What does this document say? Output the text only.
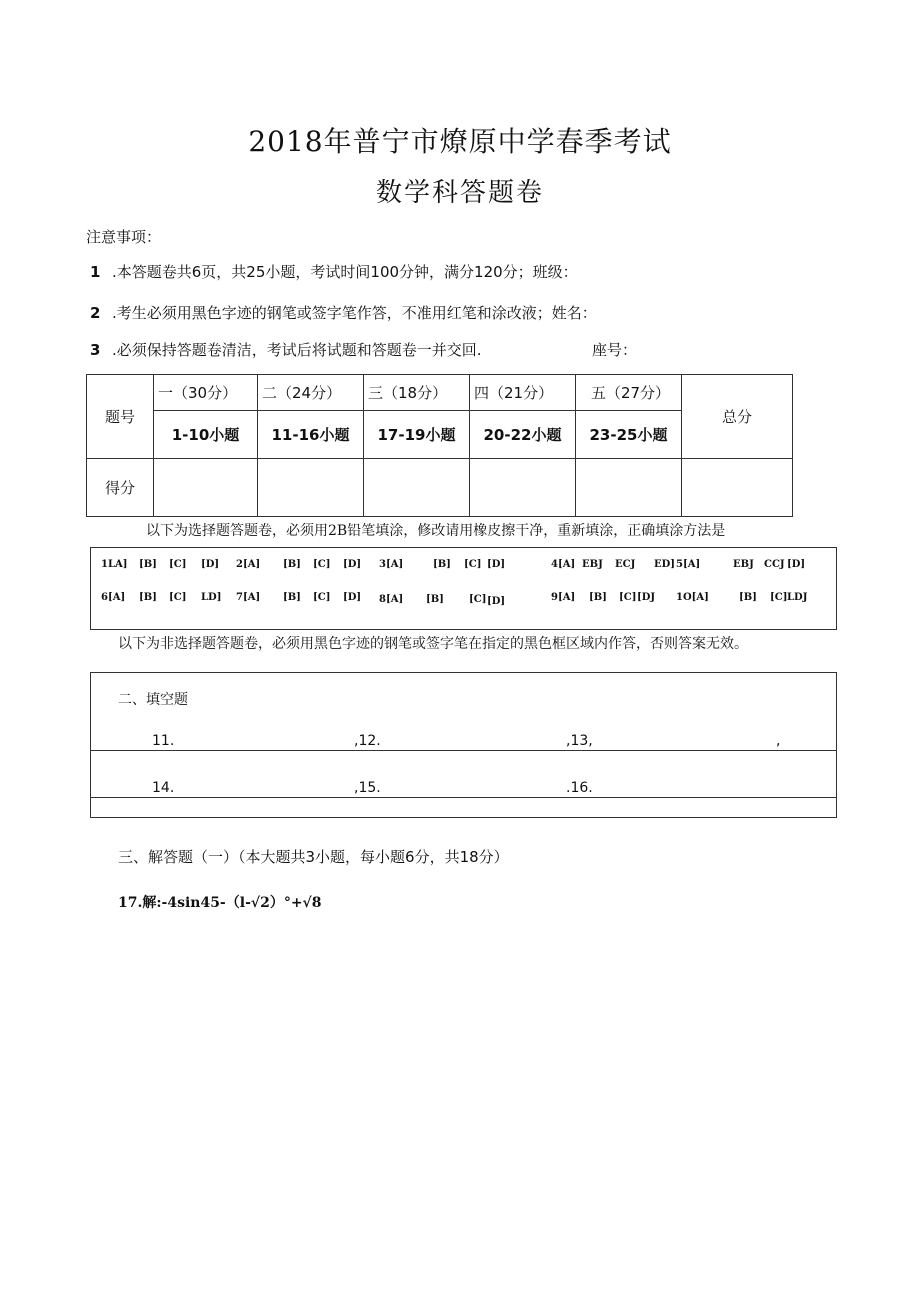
2018年普宁市燎原中学春季考试
数学科答题卷
注意事项：
1 .本答题卷共6页，共25小题，考试时间100分钟，满分120分；班级：
2 .考生必须用黑色字迹的钢笔或签字笔作答，不准用红笔和涂改液；姓名：
3 .必须保持答题卷清洁，考试后将试题和答题卷一并交回.	座号：
题号	一（30分）	二（24分）	三（18分）	四（21分）	五（27分）	总分
	1-10小题	11-16小题	17-19小题	20-22小题	23-25小题	
得分						
以下为选择题答题卷，必须用2B铅笔填涂，修改请用橡皮擦干净，重新填涂，正确填涂方法是
1LA] [B] [C] [D] 2[A] [B] [C] [D] 3[A]	[B] [C] [D]	4[A] EBJ ECJ ED] 5[A]	EBJ CCJ [D]
6[A] [B] [C] LD] 7[A] [B] [C] [D] 8[A] [B]	[C] [D]	9[A] [B] [C] [DJ 1O[A]	[B] [C] LDJ
以下为非选择题答题卷，必须用黑色字迹的钢笔或签字笔在指定的黑色框区域内作答，否则答案无效。
二、填空题
11.	,12.	,13,	,
14.	,15.	.16.
三、解答题（一）（本大题共3小题，每小题6分，共18分）
17.解:-4sin45-（l-√2）°+√8
